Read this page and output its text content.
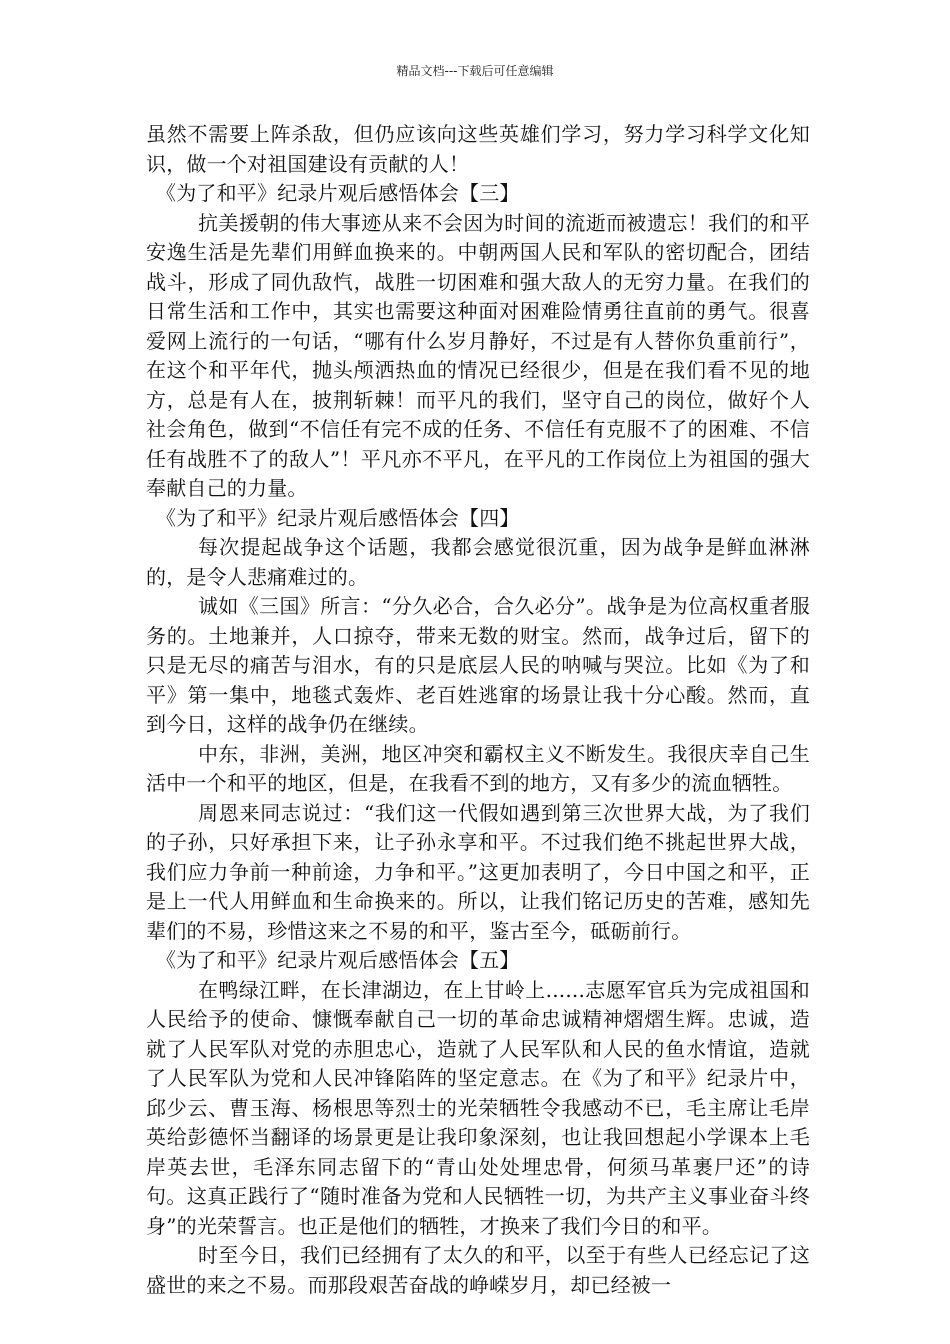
精品文档---下载后可任意编辑

虽然不需要上阵杀敌，但仍应该向这些英雄们学习，努力学习科学文化知识，做一个对祖国建设有贡献的人！

《为了和平》纪录片观后感悟体会【三】

抗美援朝的伟大事迹从来不会因为时间的流逝而被遗忘！我们的和平安逸生活是先辈们用鲜血换来的。中朝两国人民和军队的密切配合，团结战斗，形成了同仇敌忾，战胜一切困难和强大敌人的无穷力量。在我们的日常生活和工作中，其实也需要这种面对困难险情勇往直前的勇气。很喜爱网上流行的一句话，“哪有什么岁月静好，不过是有人替你负重前行”，在这个和平年代，抛头颅洒热血的情况已经很少，但是在我们看不见的地方，总是有人在，披荆斩棘！而平凡的我们，坚守自己的岗位，做好个人社会角色，做到“不信任有完不成的任务、不信任有克服不了的困难、不信任有战胜不了的敌人”！平凡亦不平凡，在平凡的工作岗位上为祖国的强大奉献自己的力量。

《为了和平》纪录片观后感悟体会【四】

每次提起战争这个话题，我都会感觉很沉重，因为战争是鲜血淋淋的，是令人悲痛难过的。

诚如《三国》所言：“分久必合，合久必分”。战争是为位高权重者服务的。土地兼并，人口掠夺，带来无数的财宝。然而，战争过后，留下的只是无尽的痛苦与泪水，有的只是底层人民的呐喊与哭泣。比如《为了和平》第一集中，地毯式轰炸、老百姓逃窜的场景让我十分心酸。然而，直到今日，这样的战争仍在继续。

中东，非洲，美洲，地区冲突和霸权主义不断发生。我很庆幸自己生活中一个和平的地区，但是，在我看不到的地方，又有多少的流血牺牲。

周恩来同志说过：“我们这一代假如遇到第三次世界大战，为了我们的子孙，只好承担下来，让子孙永享和平。不过我们绝不挑起世界大战，我们应力争前一种前途，力争和平。”这更加表明了，今日中国之和平，正是上一代人用鲜血和生命换来的。所以，让我们铭记历史的苦难，感知先辈们的不易，珍惜这来之不易的和平，鉴古至今，砥砺前行。

《为了和平》纪录片观后感悟体会【五】

在鸭绿江畔，在长津湖边，在上甘岭上......志愿军官兵为完成祖国和人民给予的使命、慷慨奉献自己一切的革命忠诚精神熠熠生辉。忠诚，造就了人民军队对党的赤胆忠心，造就了人民军队和人民的鱼水情谊，造就了人民军队为党和人民冲锋陷阵的坚定意志。在《为了和平》纪录片中，邱少云、曹玉海、杨根思等烈士的光荣牺牲令我感动不已，毛主席让毛岸英给彭德怀当翻译的场景更是让我印象深刻，也让我回想起小学课本上毛岸英去世，毛泽东同志留下的“青山处处埋忠骨，何须马革裹尸还”的诗句。这真正践行了“随时准备为党和人民牺牲一切，为共产主义事业奋斗终身”的光荣誓言。也正是他们的牺牲，才换来了我们今日的和平。

时至今日，我们已经拥有了太久的和平，以至于有些人已经忘记了这盛世的来之不易。而那段艰苦奋战的峥嵘岁月，却已经被一
